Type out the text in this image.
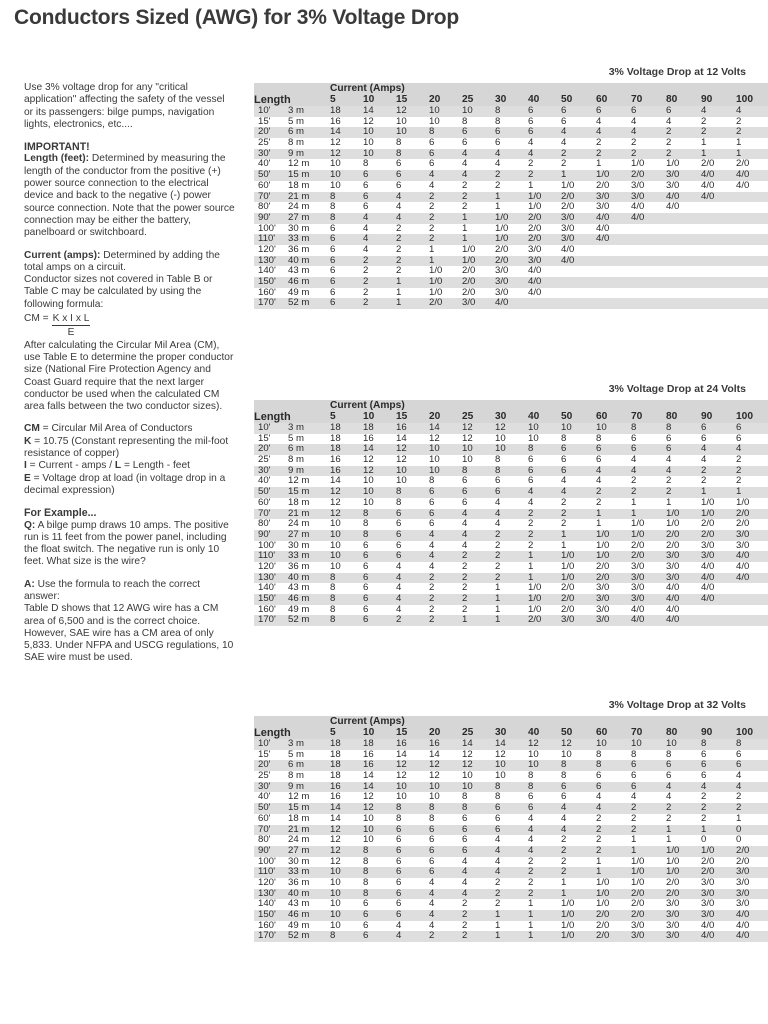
Conductors Sized (AWG) for 3% Voltage Drop

Use 3% voltage drop for any "critical application" affecting the safety of the vessel or its passengers: bilge pumps, navigation lights, electronics, etc....

IMPORTANT!

Length (feet): Determined by measuring the length of the conductor from the positive (+) power source connection to the electrical device and back to the negative (-) power source connection. Note that the power source connection may be either the battery, panelboard or switchboard.

Current (amps): Determined by adding the total amps on a circuit.

Conductor sizes not covered in Table B or Table C may be calculated by using the following formula:

CM = $\frac{\text{K x I x L}}{E}$

After calculating the Circular Mil Area (CM), use Table E to determine the proper conductor size (National Fire Protection Agency and Coast Guard require that the next larger conductor be used when the calculated CM area falls between the two conductor sizes).

CM = Circular Mil Area of Conductors

K = 10.75 (Constant representing the mil-foot resistance of copper)

I = Current - amps / L = Length - feet

E = Voltage drop at load (in voltage drop in a decimal expression)

For Example...

Q: A bilge pump draws 10 amps. The positive run is 11 feet from the power panel, including the float switch. The negative run is only 10 feet. What size is the wire?

A: Use the formula to reach the correct answer:

Table D shows that 12 AWG wire has a CM area of 6,500 and is the correct choice. However, SAE wire has a CM area of only 5,833. Under NFPA and USCG regulations, 10 SAE wire must be used.

3% Voltage Drop at 12 Volts
		Current (Amps)												
Length		5	10	15	20	25	30	40	50	60	70	80	90	100
10'	3 m	18	14	12	10	10	8	6	6	6	6	6	4	4
15'	5 m	16	12	10	10	8	8	6	6	4	4	4	2	2
20'	6 m	14	10	10	8	6	6	6	4	4	4	2	2	2
25'	8 m	12	10	8	6	6	6	4	4	2	2	2	1	1
30'	9 m	12	10	8	6	4	4	4	2	2	2	2	1	1
40'	12 m	10	8	6	6	4	4	2	2	1	1/0	1/0	2/0	2/0
50'	15 m	10	6	6	4	4	2	2	1	1/0	2/0	3/0	4/0	4/0
60'	18 m	10	6	6	4	2	2	1	1/0	2/0	3/0	3/0	4/0	4/0
70'	21 m	8	6	4	2	2	1	1/0	2/0	3/0	3/0	4/0	4/0	
80'	24 m	8	6	4	2	2	1	1/0	2/0	3/0	4/0	4/0		
90'	27 m	8	4	4	2	1	1/0	2/0	3/0	4/0	4/0			
100'	30 m	6	4	2	2	1	1/0	2/0	3/0	4/0				
110'	33 m	6	4	2	2	1	1/0	2/0	3/0	4/0				
120'	36 m	6	4	2	1	1/0	2/0	3/0	4/0					
130'	40 m	6	2	2	1	1/0	2/0	3/0	4/0					
140'	43 m	6	2	2	1/0	2/0	3/0	4/0						
150'	46 m	6	2	1	1/0	2/0	3/0	4/0						
160'	49 m	6	2	1	1/0	2/0	3/0	4/0						
170'	52 m	6	2	1	2/0	3/0	4/0							
3% Voltage Drop at 24 Volts
		Current (Amps)												
Length		5	10	15	20	25	30	40	50	60	70	80	90	100
10'	3 m	18	18	16	14	12	12	10	10	10	8	8	6	6
15'	5 m	18	16	14	12	12	10	10	8	8	6	6	6	6
20'	6 m	18	14	12	10	10	10	8	6	6	6	6	4	4
25'	8 m	16	12	12	10	10	8	6	6	6	4	4	4	2
30'	9 m	16	12	10	10	8	8	6	6	4	4	4	2	2
40'	12 m	14	10	10	8	6	6	6	4	4	2	2	2	2
50'	15 m	12	10	8	6	6	6	4	4	2	2	2	1	1
60'	18 m	12	10	8	6	6	4	4	2	2	1	1	1/0	1/0
70'	21 m	12	8	6	6	4	4	2	2	1	1	1/0	1/0	2/0
80'	24 m	10	8	6	6	4	4	2	2	1	1/0	1/0	2/0	2/0
90'	27 m	10	8	6	4	4	2	2	1	1/0	1/0	2/0	2/0	3/0
100'	30 m	10	6	6	4	4	2	2	1	1/0	2/0	2/0	3/0	3/0
110'	33 m	10	6	6	4	2	2	1	1/0	1/0	2/0	3/0	3/0	4/0
120'	36 m	10	6	4	4	2	2	1	1/0	2/0	3/0	3/0	4/0	4/0
130'	40 m	8	6	4	2	2	2	1	1/0	2/0	3/0	3/0	4/0	4/0
140'	43 m	8	6	4	2	2	1	1/0	2/0	3/0	3/0	4/0	4/0	
150'	46 m	8	6	4	2	2	1	1/0	2/0	3/0	3/0	4/0	4/0	
160'	49 m	8	6	4	2	2	1	1/0	2/0	3/0	4/0	4/0		
170'	52 m	8	6	2	2	1	1	2/0	3/0	3/0	4/0	4/0		
3% Voltage Drop at 32 Volts
		Current (Amps)												
Length		5	10	15	20	25	30	40	50	60	70	80	90	100
10'	3 m	18	18	16	16	14	14	12	12	10	10	10	8	8
15'	5 m	18	16	14	14	12	12	10	10	8	8	8	6	6
20'	6 m	18	16	12	12	12	10	10	8	8	6	6	6	6
25'	8 m	18	14	12	12	10	10	8	8	6	6	6	6	4
30'	9 m	16	14	10	10	10	8	8	6	6	6	4	4	4
40'	12 m	16	12	10	10	8	8	6	6	4	4	4	2	2
50'	15 m	14	12	8	8	8	6	6	4	4	2	2	2	2
60'	18 m	14	10	8	8	6	6	4	4	2	2	2	2	1
70'	21 m	12	10	6	6	6	6	4	4	2	2	1	1	0
80'	24 m	12	10	6	6	6	4	4	2	2	1	1	0	0
90'	27 m	12	8	6	6	6	4	4	2	2	1	1/0	1/0	2/0
100'	30 m	12	8	6	6	4	4	2	2	1	1/0	1/0	2/0	2/0
110'	33 m	10	8	6	6	4	4	2	2	1	1/0	1/0	2/0	3/0
120'	36 m	10	8	6	4	4	2	2	1	1/0	1/0	2/0	3/0	3/0
130'	40 m	10	8	6	4	4	2	2	1	1/0	2/0	2/0	3/0	3/0
140'	43 m	10	6	6	4	2	2	1	1/0	1/0	2/0	3/0	3/0	3/0
150'	46 m	10	6	6	4	2	1	1	1/0	2/0	2/0	3/0	3/0	4/0
160'	49 m	10	6	4	4	2	1	1	1/0	2/0	3/0	3/0	4/0	4/0
170'	52 m	8	6	4	2	2	1	1	1/0	2/0	3/0	3/0	4/0	4/0
